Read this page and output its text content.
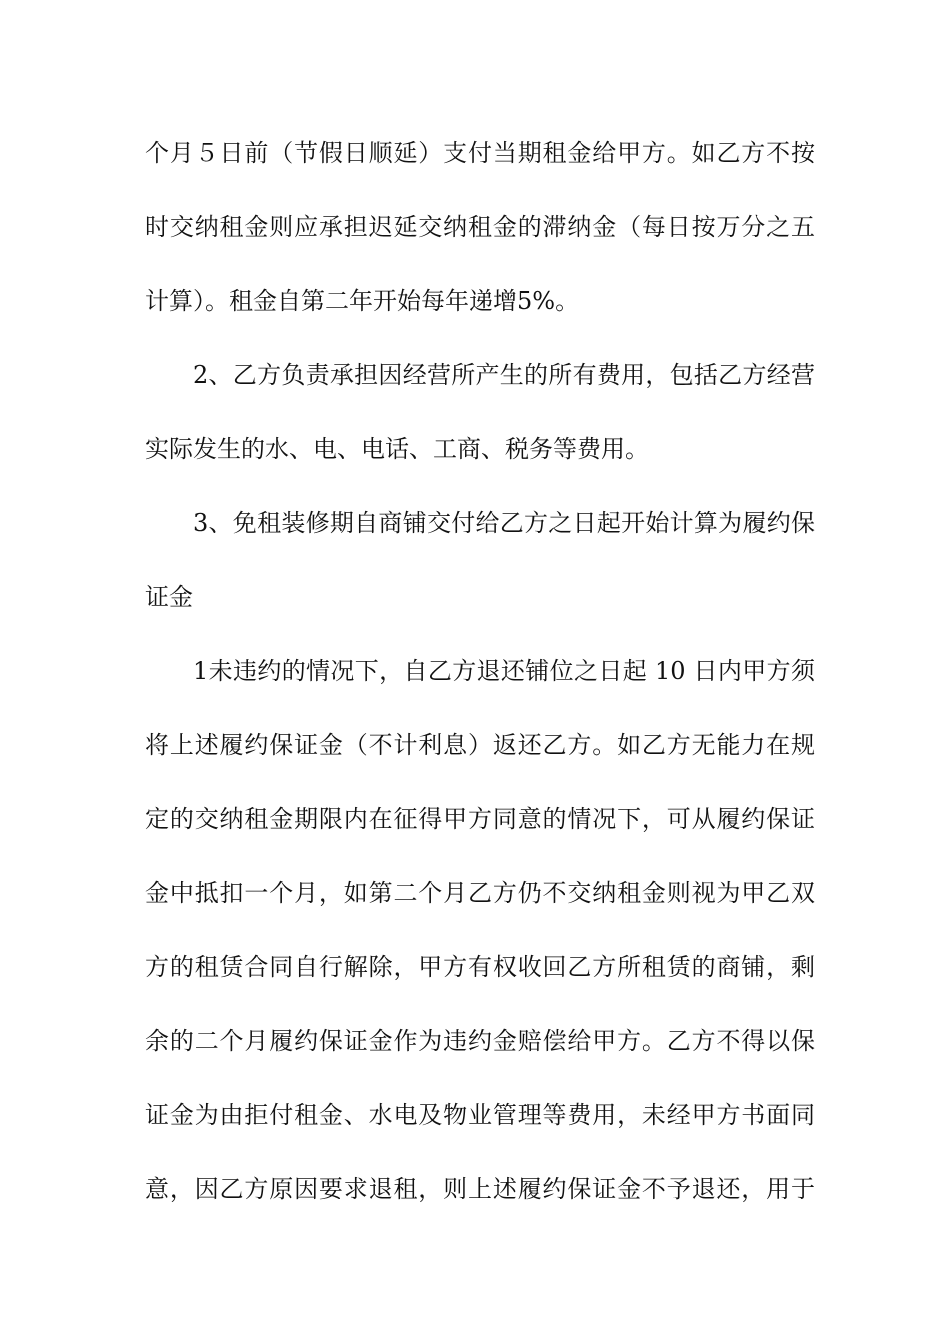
个月５日前（节假日顺延）支付当期租金给甲方。如乙方不按
时交纳租金则应承担迟延交纳租金的滞纳金（每日按万分之五
计算）。租金自第二年开始每年递增5%。
2、乙方负责承担因经营所产生的所有费用，包括乙方经营
实际发生的水、电、电话、工商、税务等费用。
3、免租装修期自商铺交付给乙方之日起开始计算为履约保
证金
1未违约的情况下，自乙方退还铺位之日起 10 日内甲方须
将上述履约保证金（不计利息）返还乙方。如乙方无能力在规
定的交纳租金期限内在征得甲方同意的情况下，可从履约保证
金中抵扣一个月，如第二个月乙方仍不交纳租金则视为甲乙双
方的租赁合同自行解除，甲方有权收回乙方所租赁的商铺，剩
余的二个月履约保证金作为违约金赔偿给甲方。乙方不得以保
证金为由拒付租金、水电及物业管理等费用，未经甲方书面同
意，因乙方原因要求退租，则上述履约保证金不予退还，用于
